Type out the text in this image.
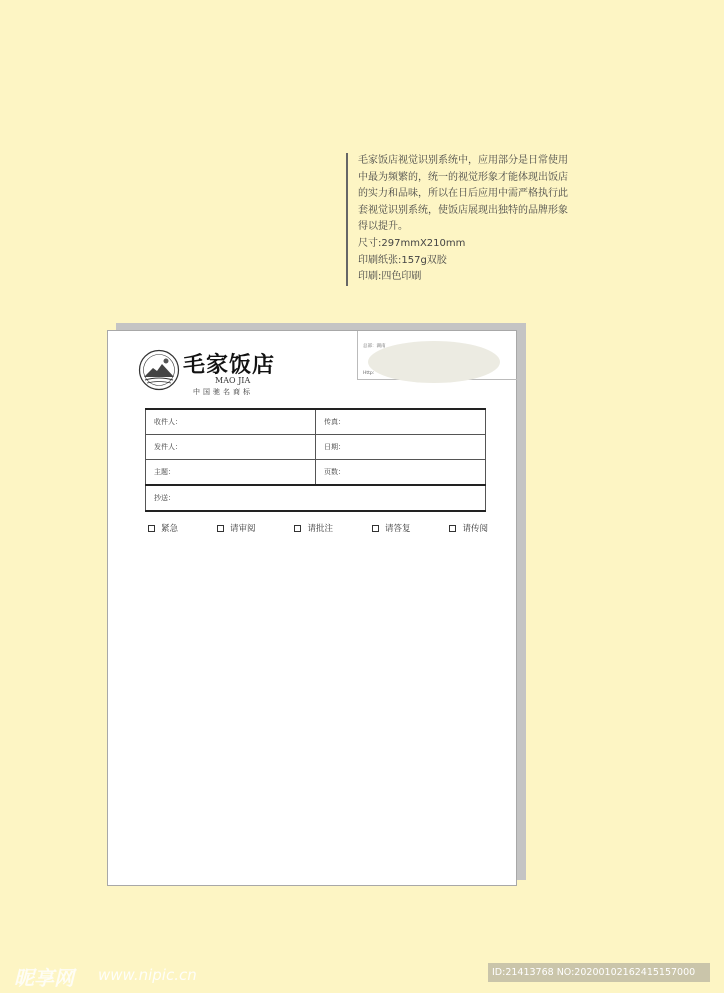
毛家饭店视觉识别系统中，应用部分是日常使用

中最为频繁的，统一的视觉形象才能体现出饭店

的实力和品味，所以在日后应用中需严格执行此

套视觉识别系统，使饭店展现出独特的品牌形象

得以提升。

尺寸:297mmX210mm

印刷纸张:157g双胶

印刷:四色印刷

毛家饭店
MAO JIA
中国驰名商标
总部：湖南
Http:
收件人：	传真：
发件人：	日期：
主题：	页数：
抄送：
紧急	请审阅	请批注	请答复	请传阅
昵享网 www.nipic.cn	ID:21413768 NO:20200102162415157000
